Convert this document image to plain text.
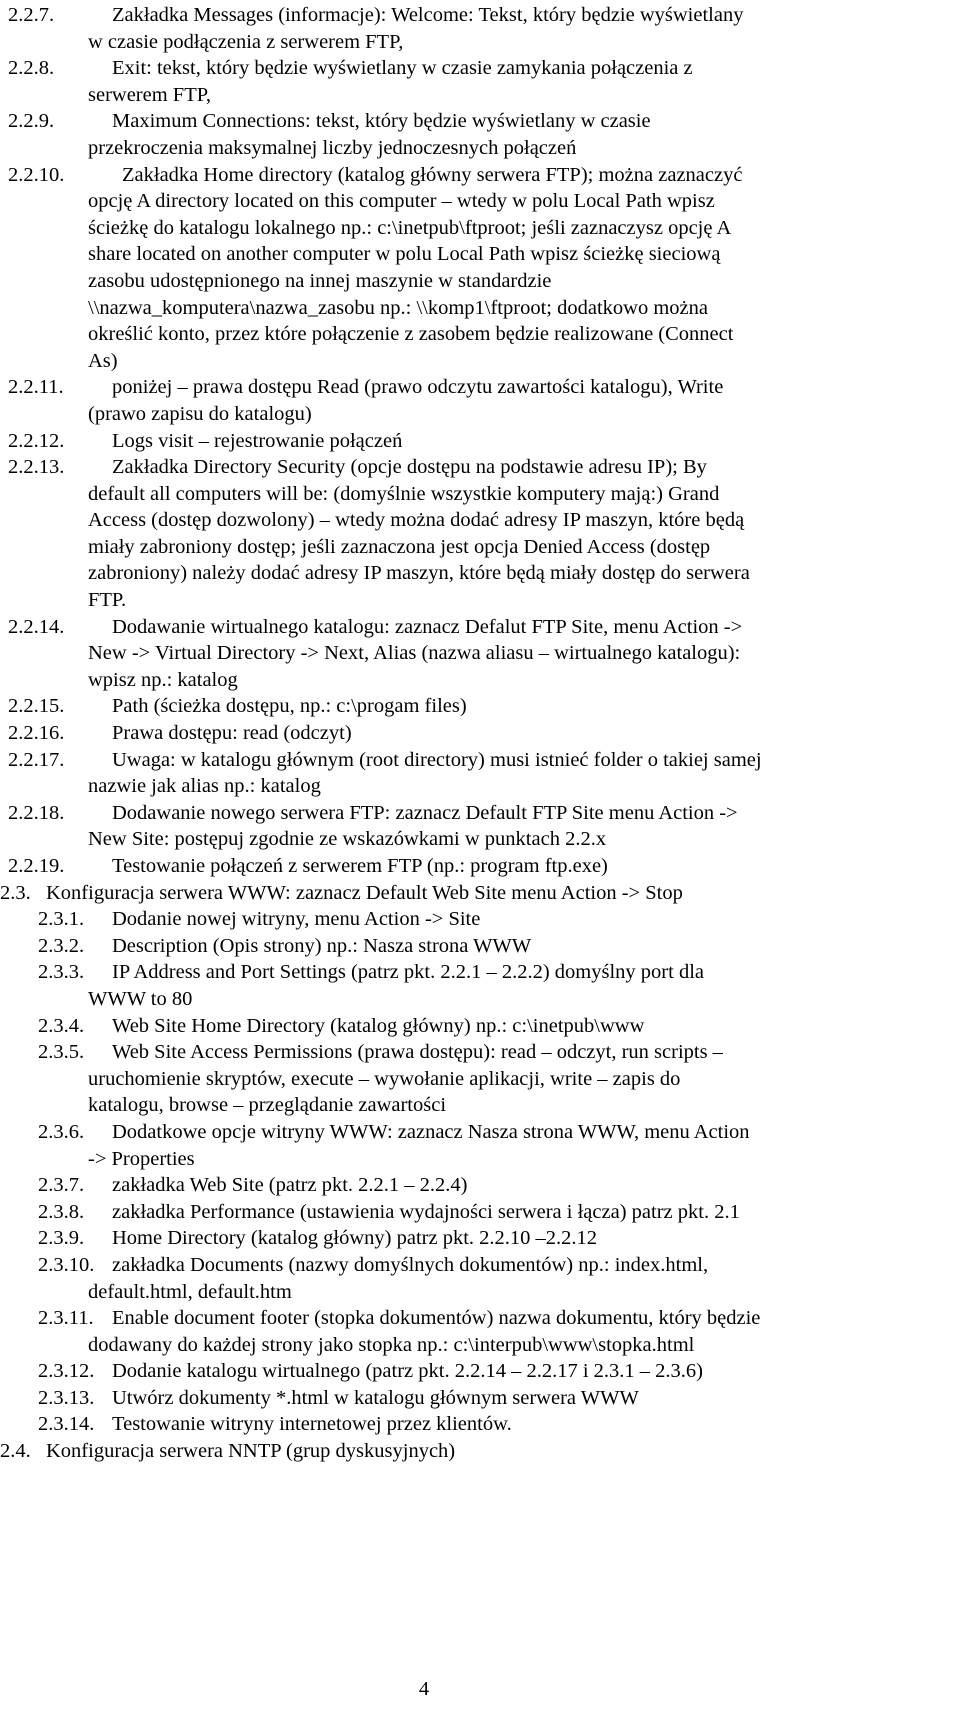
2.2.7.	Zakładka Messages (informacje): Welcome: Tekst, który będzie wyświetlany
w czasie podłączenia z serwerem FTP,
2.2.8.	Exit: tekst, który będzie wyświetlany w czasie zamykania połączenia z
serwerem FTP,
2.2.9.	Maximum Connections: tekst, który będzie wyświetlany w czasie
przekroczenia maksymalnej liczby jednoczesnych połączeń
2.2.10.	Zakładka Home directory (katalog główny serwera FTP); można zaznaczyć
opcję A directory located on this computer – wtedy w polu Local Path wpisz
ścieżkę do katalogu lokalnego np.: c:\inetpub\ftproot; jeśli zaznaczysz opcję A
share located on another computer w polu Local Path wpisz ścieżkę sieciową
zasobu udostępnionego na innej maszynie w standardzie
\\nazwa_komputera\nazwa_zasobu np.: \\komp1\ftproot; dodatkowo można
określić konto, przez które połączenie z zasobem będzie realizowane (Connect
As)
2.2.11. poniżej – prawa dostępu Read (prawo odczytu zawartości katalogu), Write
(prawo zapisu do katalogu)
2.2.12. Logs visit – rejestrowanie połączeń
2.2.13. Zakładka Directory Security (opcje dostępu na podstawie adresu IP); By
default all computers will be: (domyślnie wszystkie komputery mają:) Grand
Access (dostęp dozwolony) – wtedy można dodać adresy IP maszyn, które będą
miały zabroniony dostęp; jeśli zaznaczona jest opcja Denied Access (dostęp
zabroniony) należy dodać adresy IP maszyn, które będą miały dostęp do serwera
FTP.
2.2.14. Dodawanie wirtualnego katalogu: zaznacz Defalut FTP Site, menu Action ->
New -> Virtual Directory -> Next, Alias (nazwa aliasu – wirtualnego katalogu):
wpisz np.: katalog
2.2.15. Path (ścieżka dostępu, np.: c:\progam files)
2.2.16. Prawa dostępu: read (odczyt)
2.2.17. Uwaga: w katalogu głównym (root directory) musi istnieć folder o takiej samej
nazwie jak alias np.: katalog
2.2.18. Dodawanie nowego serwera FTP: zaznacz Default FTP Site menu Action ->
New Site: postępuj zgodnie ze wskazówkami w punktach 2.2.x
2.2.19. Testowanie połączeń z serwerem FTP (np.: program ftp.exe)
2.3. Konfiguracja serwera WWW: zaznacz Default Web Site menu Action -> Stop
2.3.1. Dodanie nowej witryny, menu Action -> Site
2.3.2. Description (Opis strony) np.: Nasza strona WWW
2.3.3. IP Address and Port Settings (patrz pkt. 2.2.1 – 2.2.2) domyślny port dla
WWW to 80
2.3.4. Web Site Home Directory (katalog główny) np.: c:\inetpub\www
2.3.5. Web Site Access Permissions (prawa dostępu): read – odczyt, run scripts –
uruchomienie skryptów, execute – wywołanie aplikacji, write – zapis do
katalogu, browse – przeglądanie zawartości
2.3.6. Dodatkowe opcje witryny WWW: zaznacz Nasza strona WWW, menu Action
-> Properties
2.3.7. zakładka Web Site (patrz pkt. 2.2.1 – 2.2.4)
2.3.8. zakładka Performance (ustawienia wydajności serwera i łącza) patrz pkt. 2.1
2.3.9. Home Directory (katalog główny) patrz pkt. 2.2.10 –2.2.12
2.3.10. zakładka Documents (nazwy domyślnych dokumentów) np.: index.html,
default.html, default.htm
2.3.11. Enable document footer (stopka dokumentów) nazwa dokumentu, który będzie
dodawany do każdej strony jako stopka np.: c:\interpub\www\stopka.html
2.3.12. Dodanie katalogu wirtualnego (patrz pkt. 2.2.14 – 2.2.17 i 2.3.1 – 2.3.6)
2.3.13. Utwórz dokumenty *.html w katalogu głównym serwera WWW
2.3.14. Testowanie witryny internetowej przez klientów.
2.4. Konfiguracja serwera NNTP (grup dyskusyjnych)
4
